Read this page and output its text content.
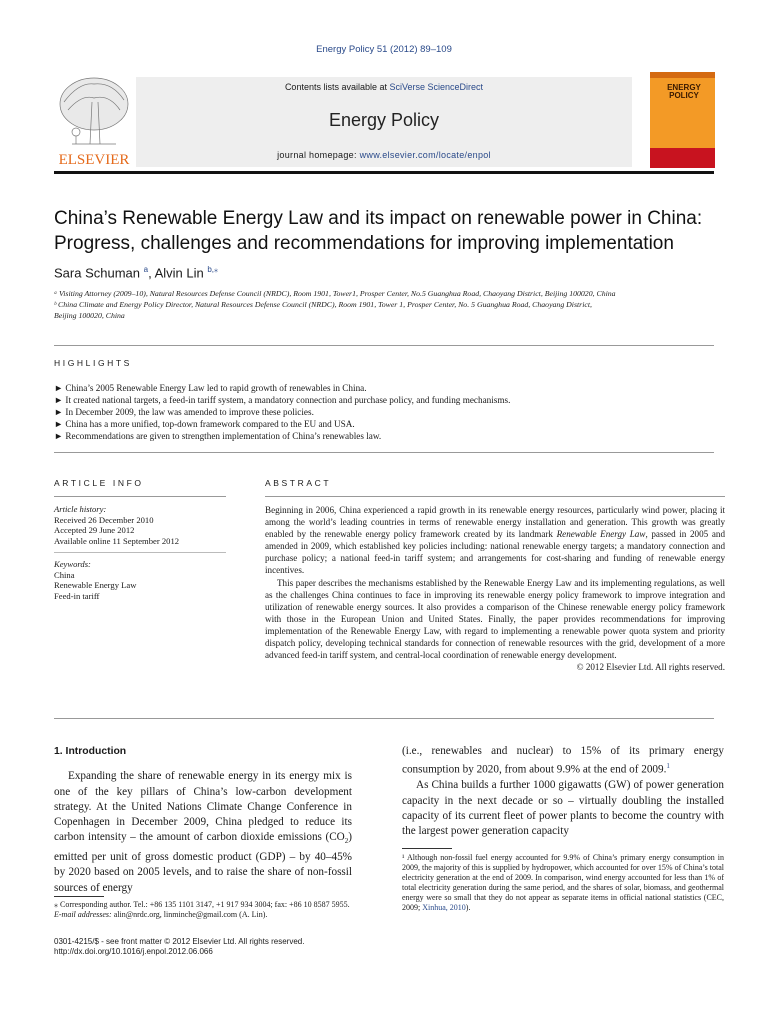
Energy Policy 51 (2012) 89–109
ELSEVIER
Contents lists available at SciVerse ScienceDirect
Energy Policy
journal homepage: www.elsevier.com/locate/enpol
ENERGY POLICY
China’s Renewable Energy Law and its impact on renewable power in China: Progress, challenges and recommendations for improving implementation
Sara Schuman $^a$, Alvin Lin $^{b,⁎}$
ᵃ Visiting Attorney (2009–10), Natural Resources Defense Council (NRDC), Room 1901, Tower1, Prosper Center, No.5 Guanghua Road, Chaoyang District, Beijing 100020, China
ᵇ China Climate and Energy Policy Director, Natural Resources Defense Council (NRDC), Room 1901, Tower 1, Prosper Center, No. 5 Guanghua Road, Chaoyang District,
Beijing 100020, China
HIGHLIGHTS
► China’s 2005 Renewable Energy Law led to rapid growth of renewables in China.
► It created national targets, a feed-in tariff system, a mandatory connection and purchase policy, and funding mechanisms.
► In December 2009, the law was amended to improve these policies.
► China has a more unified, top-down framework compared to the EU and USA.
► Recommendations are given to strengthen implementation of China’s renewables law.
ARTICLE INFO
Article history:
Received 26 December 2010
Accepted 29 June 2012
Available online 11 September 2012
Keywords:
China
Renewable Energy Law
Feed-in tariff
ABSTRACT

Beginning in 2006, China experienced a rapid growth in its renewable energy resources, particularly wind power, placing it among the world’s leading countries in terms of renewable energy installation and generation. This growth was greatly enabled by the renewable energy policy framework created by its landmark Renewable Energy Law, passed in 2005 and amended in 2009, which established key policies including: national renewable energy targets; a mandatory connection and purchase policy; a national feed-in tariff system; and arrangements for cost-sharing and funding of renewable energy incentives.

This paper describes the mechanisms established by the Renewable Energy Law and its implementing regulations, as well as the challenges China continues to face in improving its renewable energy policy framework to improve integration and utilization of renewable energy sources. It also provides a comparison of the Chinese renewable energy policy framework with those in the European Union and United States. Finally, the paper provides recommendations for improving implementation of the Renewable Energy Law, with regard to implementing a renewable power quota system and priority dispatch policy, developing technical standards for connection of renewable resources with the grid, development of a more advanced feed-in tariff system, and central-local coordination of renewable energy development.

© 2012 Elsevier Ltd. All rights reserved.

1. Introduction

Expanding the share of renewable energy in its energy mix is one of the key pillars of China’s low-carbon development strategy. At the United Nations Climate Change Conference in Copenhagen in December 2009, China pledged to reduce its carbon intensity – the amount of carbon dioxide emissions $(CO_2)$ emitted per unit of gross domestic product (GDP) – by 40–45% by 2020 based on 2005 levels, and to raise the share of non-fossil sources of energy

⁎ Corresponding author. Tel.: +86 135 1101 3147, +1 917 934 3004; fax: +86 10 8587 5955.
E-mail addresses: alin@nrdc.org, linminche@gmail.com (A. Lin).
0301-4215/$ - see front matter © 2012 Elsevier Ltd. All rights reserved.
http://dx.doi.org/10.1016/j.enpol.2012.06.066

(i.e., renewables and nuclear) to 15% of its primary energy consumption by 2020, from about 9.9% at the end of 2009.$^1$

As China builds a further 1000 gigawatts (GW) of power generation capacity in the next decade or so – virtually doubling the installed capacity of its current fleet of power plants to become the country with the largest power generation capacity

¹ Although non-fossil fuel energy accounted for 9.9% of China’s primary energy consumption in 2009, the majority of this is supplied by hydropower, which accounted for over 15% of China’s total electricity generation at the end of 2009. In comparison, wind energy accounted for less than 1% of total electricity generation during the same period, and the shares of solar, biomass, and geothermal energy were so small that they do not appear as separate items in official national statistics (CEC, 2009; Xinhua, 2010).
